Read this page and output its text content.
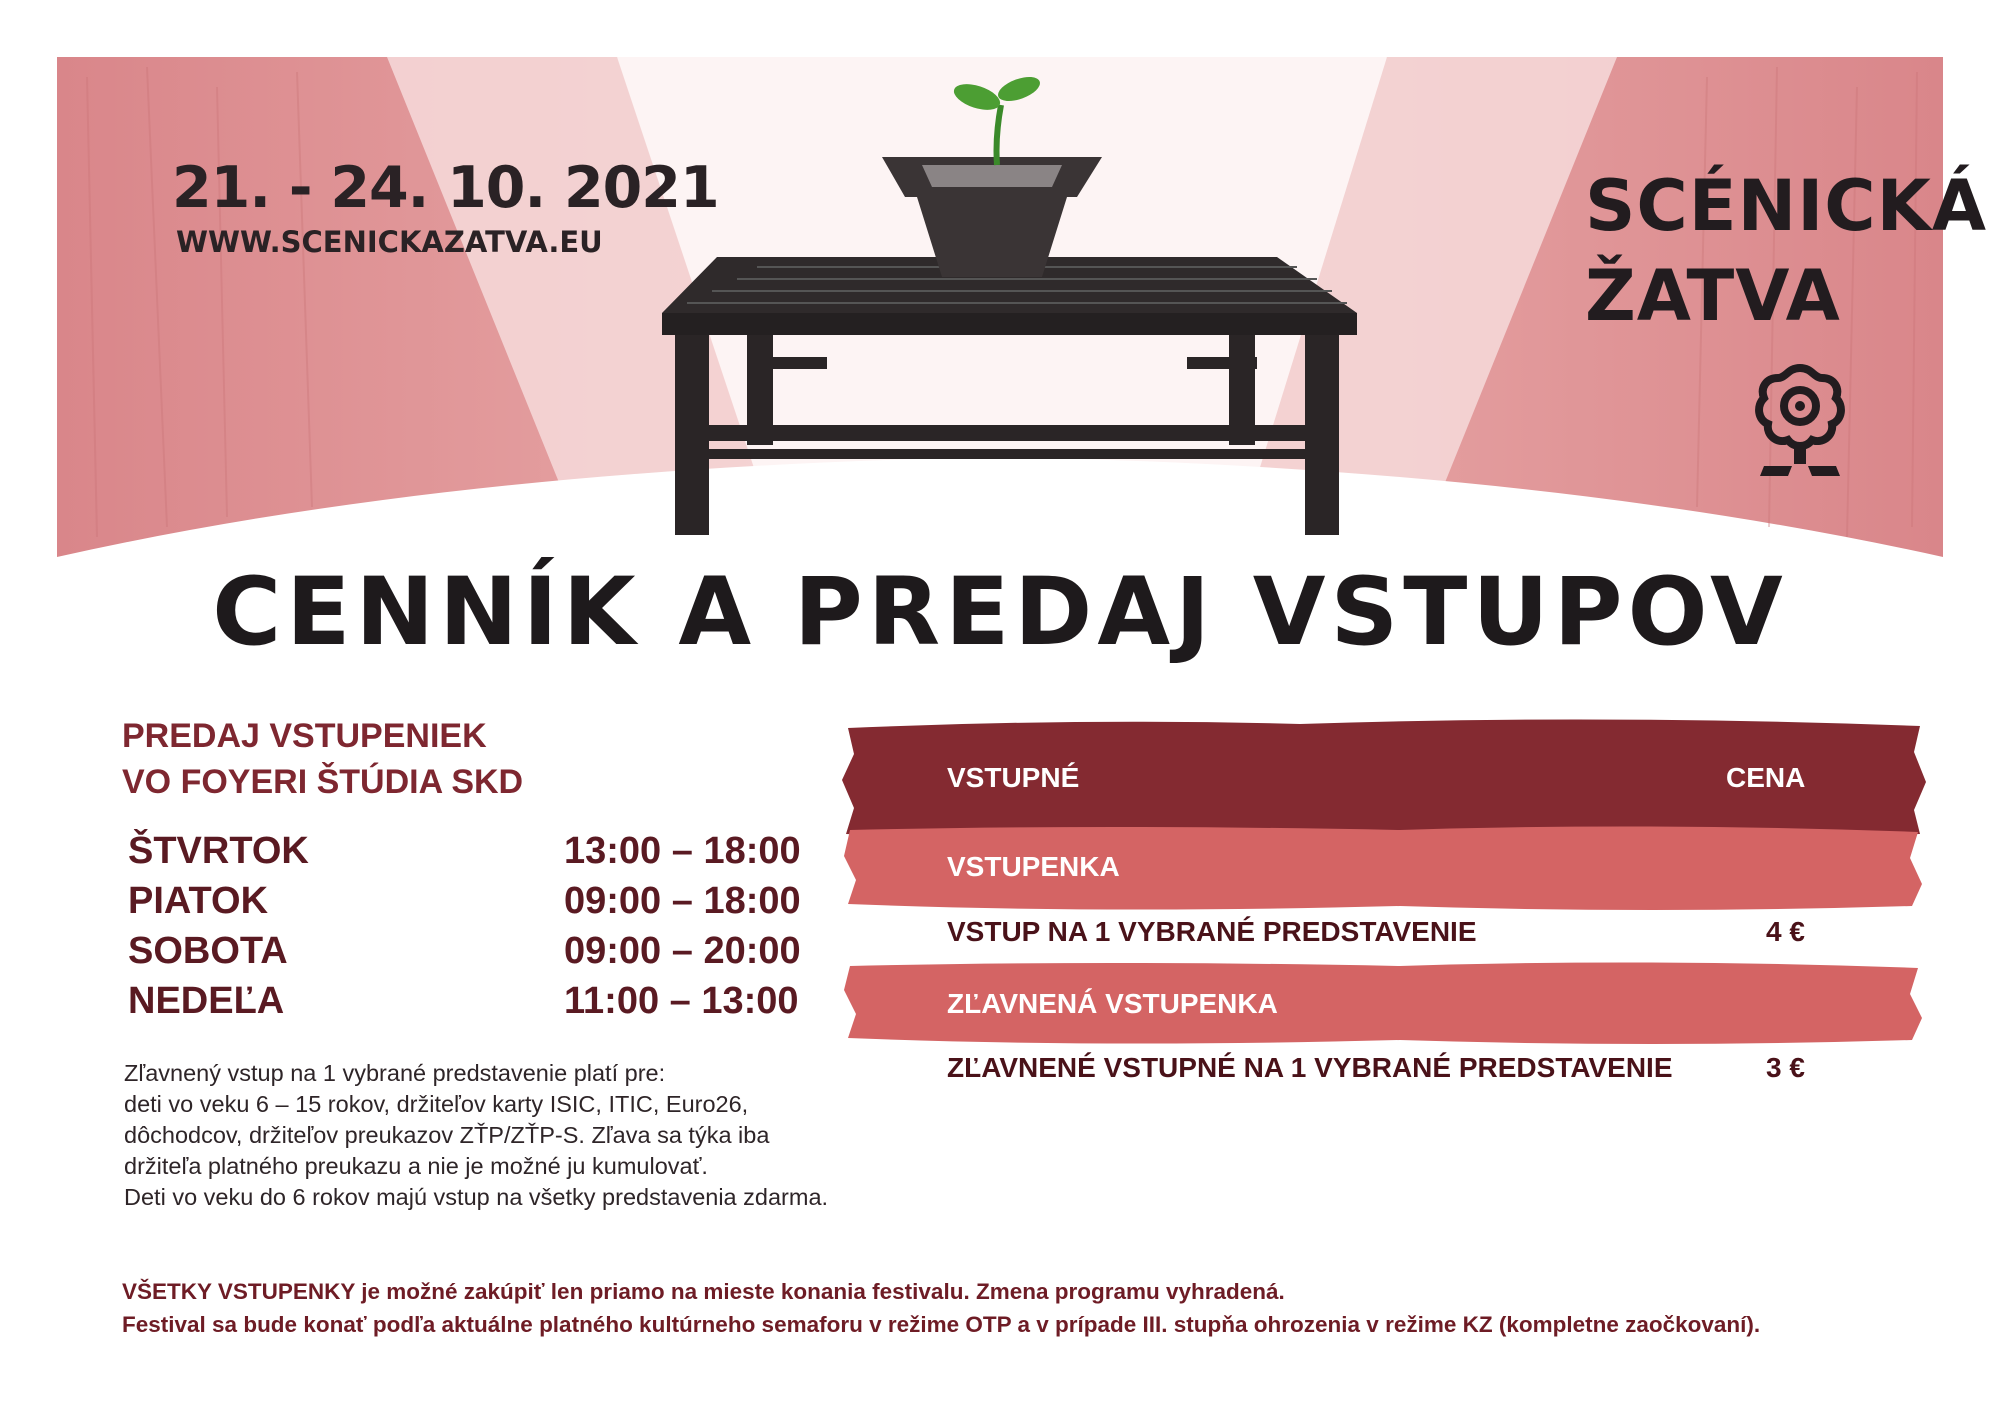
21. - 24. 10. 2021
WWW.SCENICKAZATVA.EU	SCÉNICKÁ
ŽATVA
CENNÍK A PREDAJ VSTUPOV
PREDAJ VSTUPENIEK
VO FOYERI ŠTÚDIA SKD
ŠTVRTOK	13:00 – 18:00
PIATOK	09:00 – 18:00
SOBOTA	09:00 – 20:00
NEDEĽA	11:00 – 13:00
Zľavnený vstup na 1 vybrané predstavenie platí pre:
deti vo veku 6 – 15 rokov, držiteľov karty ISIC, ITIC, Euro26,
dôchodcov, držiteľov preukazov ZŤP/ZŤP-S. Zľava sa týka iba
držiteľa platného preukazu a nie je možné ju kumulovať.
Deti vo veku do 6 rokov majú vstup na všetky predstavenia zdarma.
VSTUPNÉ	CENA
VSTUPENKA
VSTUP NA 1 VYBRANÉ PREDSTAVENIE	4 €
ZĽAVNENÁ VSTUPENKA
ZĽAVNENÉ VSTUPNÉ NA 1 VYBRANÉ PREDSTAVENIE	3 €
VŠETKY VSTUPENKY je možné zakúpiť len priamo na mieste konania festivalu. Zmena programu vyhradená.
Festival sa bude konať podľa aktuálne platného kultúrneho semaforu v režime OTP a v prípade III. stupňa ohrozenia v režime KZ (kompletne zaočkovaní).
